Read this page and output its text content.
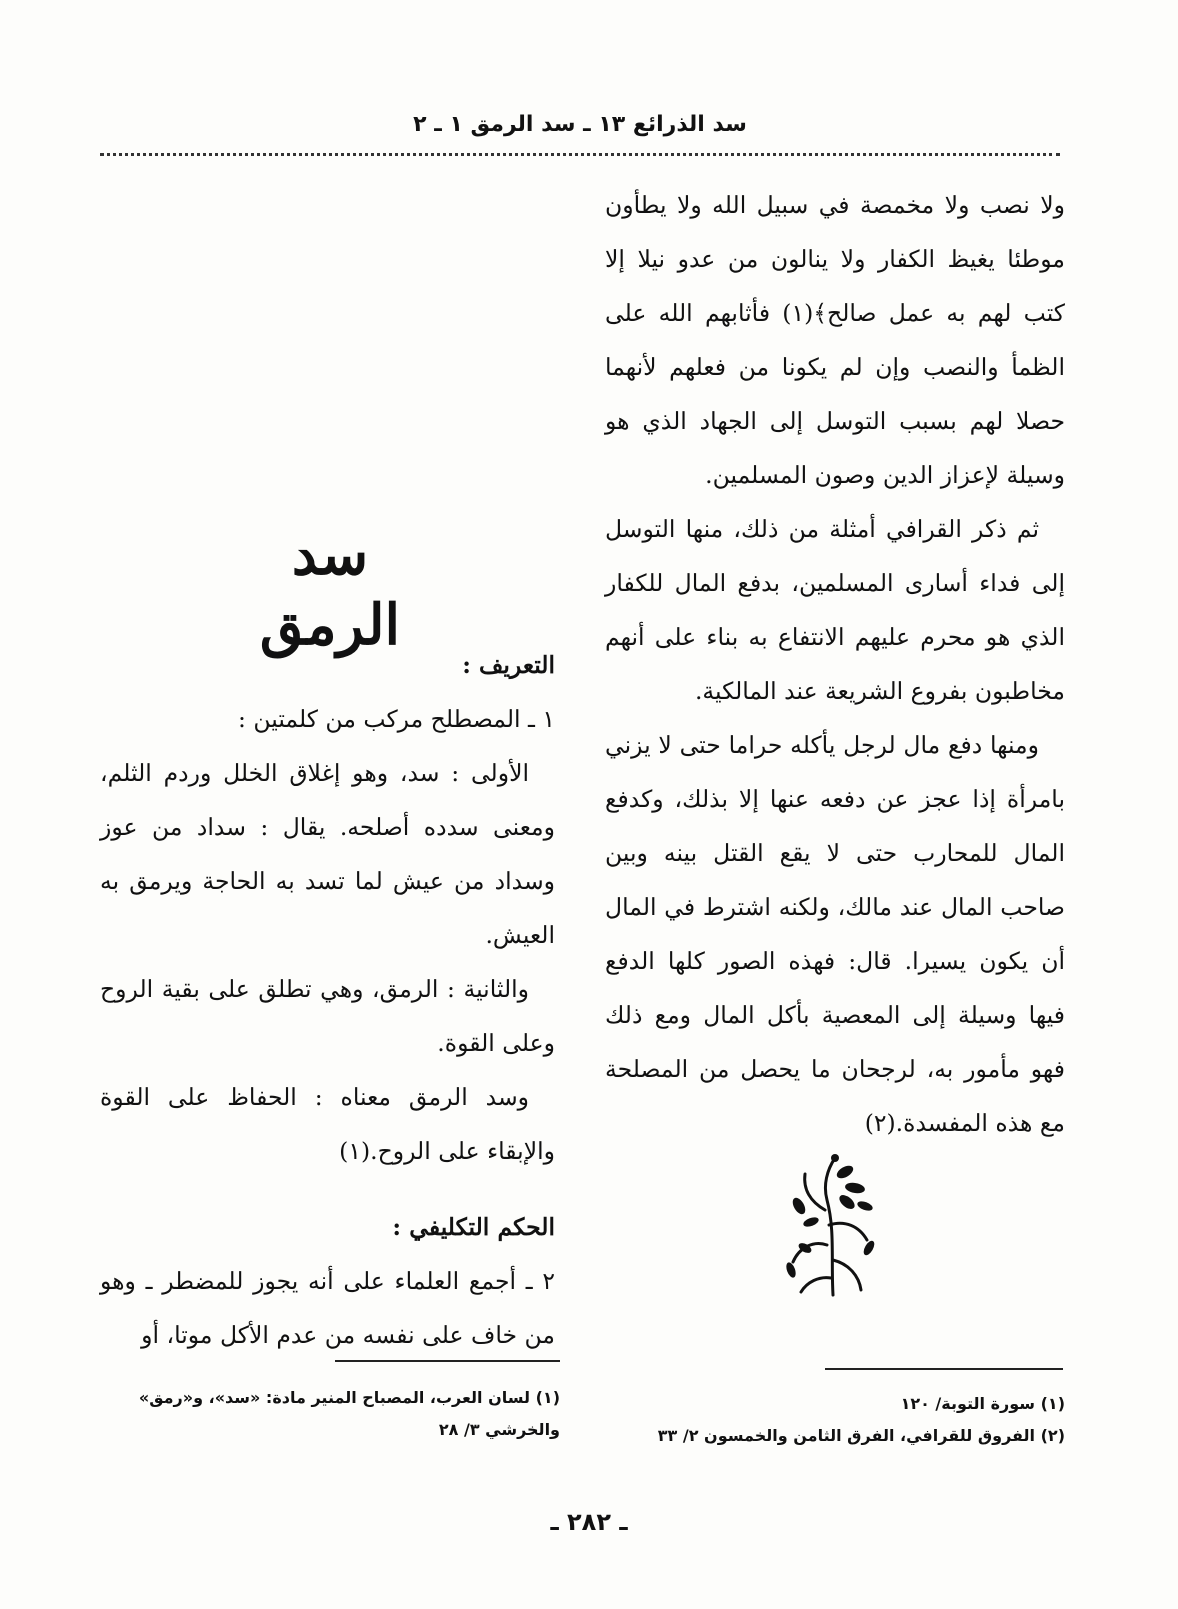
سد الذرائع ١٣ ـ سد الرمق ١ ـ ٢

ولا نصب ولا مخمصة في سبيل الله ولا يطأون موطئا يغيظ الكفار ولا ينالون من عدو نيلا إلا كتب لهم به عمل صالح﴾(١) فأثابهم الله على الظمأ والنصب وإن لم يكونا من فعلهم لأنهما حصلا لهم بسبب التوسل إلى الجهاد الذي هو وسيلة لإعزاز الدين وصون المسلمين.

ثم ذكر القرافي أمثلة من ذلك، منها التوسل إلى فداء أسارى المسلمين، بدفع المال للكفار الذي هو محرم عليهم الانتفاع به بناء على أنهم مخاطبون بفروع الشريعة عند المالكية.

ومنها دفع مال لرجل يأكله حراما حتى لا يزني بامرأة إذا عجز عن دفعه عنها إلا بذلك، وكدفع المال للمحارب حتى لا يقع القتل بينه وبين صاحب المال عند مالك، ولكنه اشترط في المال أن يكون يسيرا. قال: فهذه الصور كلها الدفع فيها وسيلة إلى المعصية بأكل المال ومع ذلك فهو مأمور به، لرجحان ما يحصل من المصلحة مع هذه المفسدة.(٢)

سد الرمق

التعريف :

١ ـ المصطلح مركب من كلمتين :

الأولى : سد، وهو إغلاق الخلل وردم الثلم، ومعنى سدده أصلحه. يقال : سداد من عوز وسداد من عيش لما تسد به الحاجة ويرمق به العيش.

والثانية : الرمق، وهي تطلق على بقية الروح وعلى القوة.

وسد الرمق معناه : الحفاظ على القوة والإبقاء على الروح.(١)

الحكم التكليفي :

٢ ـ أجمع العلماء على أنه يجوز للمضطر ـ وهو من خاف على نفسه من عدم الأكل موتا، أو

(١) سورة التوبة/ ١٢٠

(٢) الفروق للقرافي، الفرق الثامن والخمسون ٢/ ٣٣

(١) لسان العرب، المصباح المنير مادة: «سد»، و«رمق» والخرشي ٣/ ٢٨

ـ ٢٨٢ ـ
